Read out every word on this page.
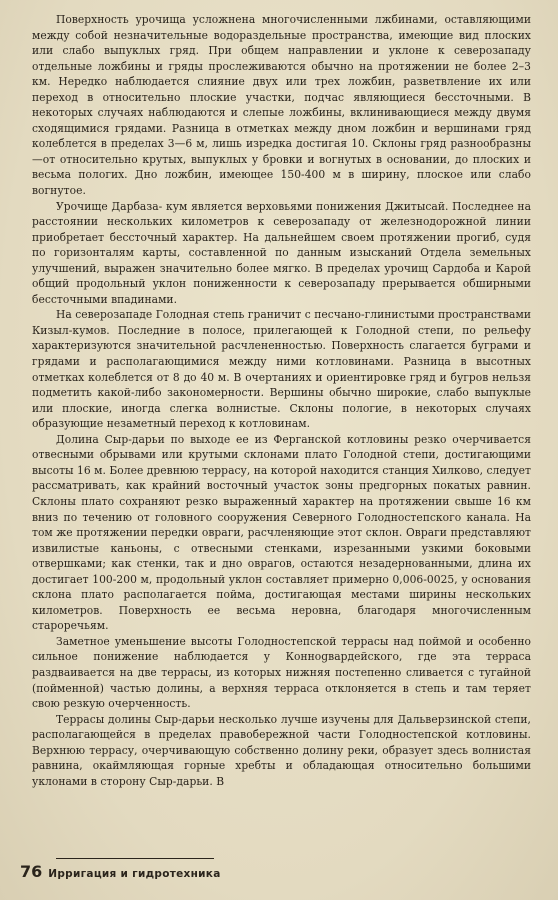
Поверхность урочища усложнена многочисленными лжбинами, оставляющими между собой незначительные водораздельные пространства, имеющие вид плоских или слабо выпуклых гряд. При общем направлении и уклоне к северозападу отдельные ложбины и гряды прослеживаются обычно на протяжении не более 2–3 км. Нередко наблюдается слияние двух или трех ложбин, разветвление их или переход в относительно плоские участки, подчас являющиеся бессточными. В некоторых случаях наблюдаются и слепые ложбины, вклинивающиеся между двумя сходящимися грядами. Разница в отметках между дном ложбин и вершинами гряд колеблется в пределах 3—6 м, лишь изредка достигая 10. Склоны гряд разнообразны—от относительно крутых, выпуклых у бровки и вогнутых в основании, до плоских и весьма пологих. Дно ложбин, имеющее 150-400 м в ширину, плоское или слабо вогнутое.

Урочище Дарбаза- кум является верховьями понижения Джитысай. Последнее на расстоянии нескольких километров к северозападу от железнодорожной линии приобретает бессточный характер. На дальнейшем своем протяжении прогиб, судя по горизонталям карты, составленной по данным изысканий Отдела земельных улучшений, выражен значительно более мягко. В пределах урочищ Сардоба и Карой общий продольный уклон пониженности к северозападу прерывается обширными бессточными впадинами.

На северозападе Голодная степь граничит с песчано-глинистыми пространствами Кизыл-кумов. Последние в полосе, прилегающей к Голодной степи, по рельефу характеризуются значительной расчлененностью. Поверхность слагается буграми и грядами и располагающимися между ними котловинами. Разница в высотных отметках колеблется от 8 до 40 м. В очертаниях и ориентировке гряд и бугров нельзя подметить какой-либо закономерности. Вершины обычно широкие, слабо выпуклые или плоские, иногда слегка волнистые. Склоны пологие, в некоторых случаях образующие незаметный переход к котловинам.

Долина Сыр-дарьи по выходе ее из Ферганской котловины резко очерчивается отвесными обрывами или крутыми склонами плато Голодной степи, достигающими высоты 16 м. Более древнюю террасу, на которой находится станция Хилково, следует рассматривать, как крайний восточный участок зоны предгорных покатых равнин. Склоны плато сохраняют резко выраженный характер на протяжении свыше 16 км вниз по течению от головного сооружения Северного Голодностепского канала. На том же протяжении передки овраги, расчленяющие этот склон. Овраги представляют извилистые каньоны, с отвесными стенками, изрезанными узкими боковыми отвершками; как стенки, так и дно оврагов, остаются незадернованными, длина их достигает 100-200 м, продольный уклон составляет примерно 0,006-0025, у основания склона плато располагается пойма, достигающая местами ширины нескольких километров. Поверхность ее весьма неровна, благодаря многочисленным староречьям.

Заметное уменьшение высоты Голодностепской террасы над поймой и особенно сильное понижение наблюдается у Коннogвардейского, где эта терраса раздваивается на две террасы, из которых нижняя постепенно сливается с тугайной (пойменной) частью долины, а верхняя терраса отклоняется в степь и там теряет свою резкую очерченность.

Террасы долины Сыр-дарьи несколько лучше изучены для Дальверзинской степи, располагающейся в пределах правобережной части Голодностепской котловины. Верхнюю террасу, очерчивающую собственно долину реки, образует здесь волнистая равнина, окаймляющая горные хребты и обладающая относительно большими уклонами в сторону Сыр-дарьи. В

76 Ирригация и гидротехника
